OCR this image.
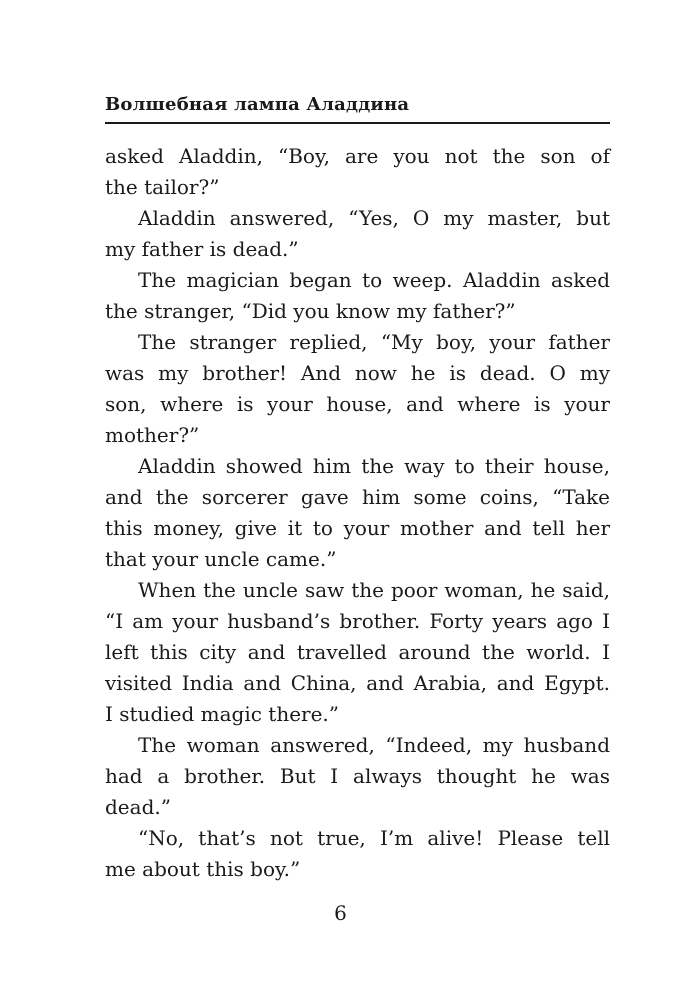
Волшебная лампа Аладдина
asked Aladdin, “Boy, are you not the son of
the tailor?”
Aladdin answered, “Yes, O my master, but
my father is dead.”
The magician began to weep. Aladdin asked
the stranger, “Did you know my father?”
The stranger replied, “My boy, your father
was my brother! And now he is dead. O my
son, where is your house, and where is your
mother?”
Aladdin showed him the way to their house,
and the sorcerer gave him some coins, “Take
this money, give it to your mother and tell her
that your uncle came.”
When the uncle saw the poor woman, he said,
“I am your husband’s brother. Forty years ago I
left this city and travelled around the world. I
visited India and China, and Arabia, and Egypt.
I studied magic there.”
The woman answered, “Indeed, my husband
had a brother. But I always thought he was
dead.”
“No, that’s not true, I’m alive! Please tell
me about this boy.”
6
